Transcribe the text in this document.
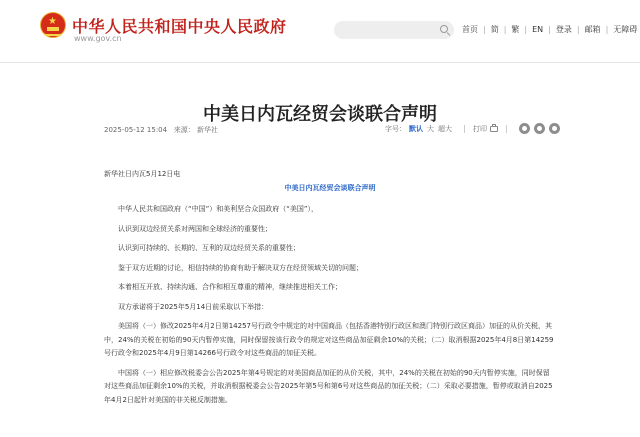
★ 中华人民共和国中央人民政府
www.gov.cn
首页 | 简 | 繁 | EN | 登录 | 邮箱 | 无障碍
中美日内瓦经贸会谈联合声明
2025-05-12 15:04 来源： 新华社	字号： 默认 大 超大	打印

新华社日内瓦5月12日电

中美日内瓦经贸会谈联合声明

中华人民共和国政府（“中国”）和美利坚合众国政府（“美国”），

认识到双边经贸关系对两国和全球经济的重要性；

认识到可持续的、长期的、互利的双边经贸关系的重要性；

鉴于双方近期的讨论，相信持续的协商有助于解决双方在经贸领域关切的问题；

本着相互开放、持续沟通、合作和相互尊重的精神，继续推进相关工作；

双方承诺将于2025年5月14日前采取以下举措：

美国将（一）修改2025年4月2日第14257号行政令中规定的对中国商品（包括香港特别行政区和澳门特别行政区商品）加征的从价关税，其中，24%的关税在初始的90天内暂停实施，同时保留按该行政令的规定对这些商品加征剩余10%的关税；（二）取消根据2025年4月8日第14259号行政令和2025年4月9日第14266号行政令对这些商品的加征关税。

中国将（一）相应修改税委会公告2025年第4号规定的对美国商品加征的从价关税，其中，24%的关税在初始的90天内暂停实施，同时保留对这些商品加征剩余10%的关税，并取消根据税委会公告2025年第5号和第6号对这些商品的加征关税；（二）采取必要措施，暂停或取消自2025年4月2日起针对美国的非关税反制措施。
